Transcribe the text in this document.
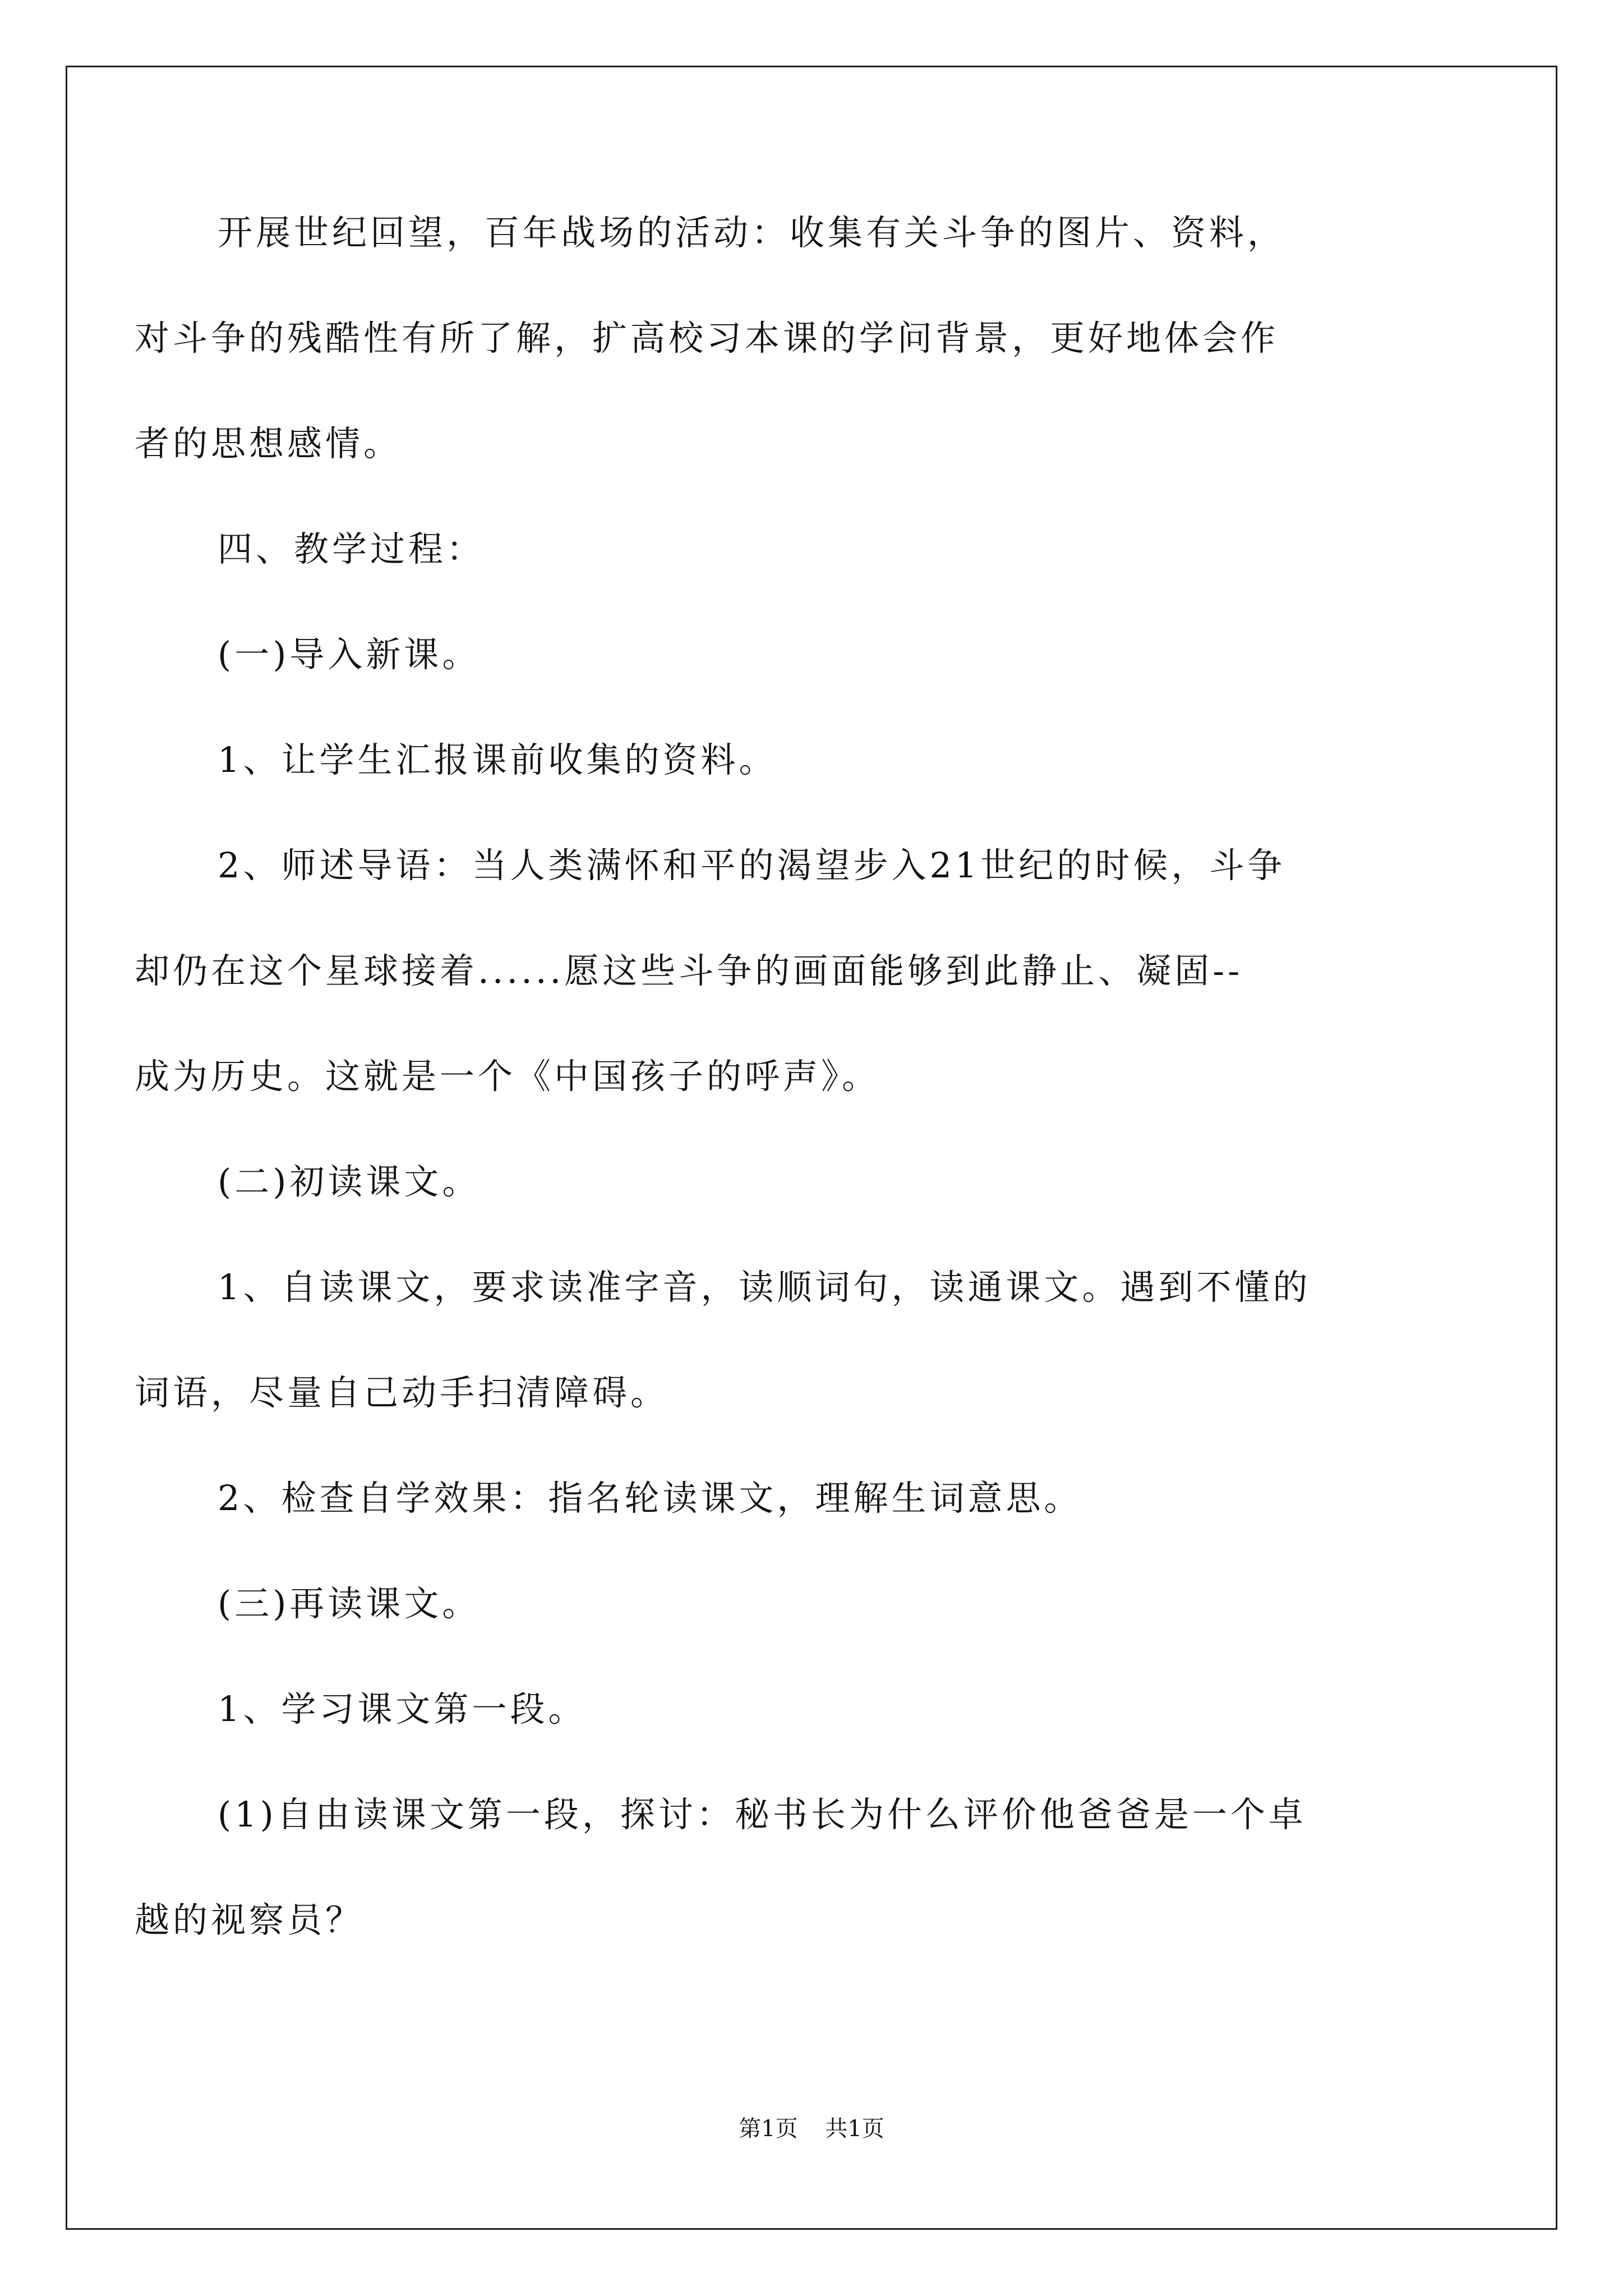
开展世纪回望，百年战场的活动：收集有关斗争的图片、资料，
对斗争的残酷性有所了解，扩高校习本课的学问背景，更好地体会作
者的思想感情。
四、教学过程：
(一)导入新课。
1、让学生汇报课前收集的资料。
2、师述导语：当人类满怀和平的渴望步入21世纪的时候，斗争
却仍在这个星球接着......愿这些斗争的画面能够到此静止、凝固--
成为历史。这就是一个《中国孩子的呼声》。
(二)初读课文。
1、自读课文，要求读准字音，读顺词句，读通课文。遇到不懂的
词语，尽量自己动手扫清障碍。
2、检查自学效果：指名轮读课文，理解生词意思。
(三)再读课文。
1、学习课文第一段。
(1)自由读课文第一段，探讨：秘书长为什么评价他爸爸是一个卓
越的视察员？
第1页 共1页
